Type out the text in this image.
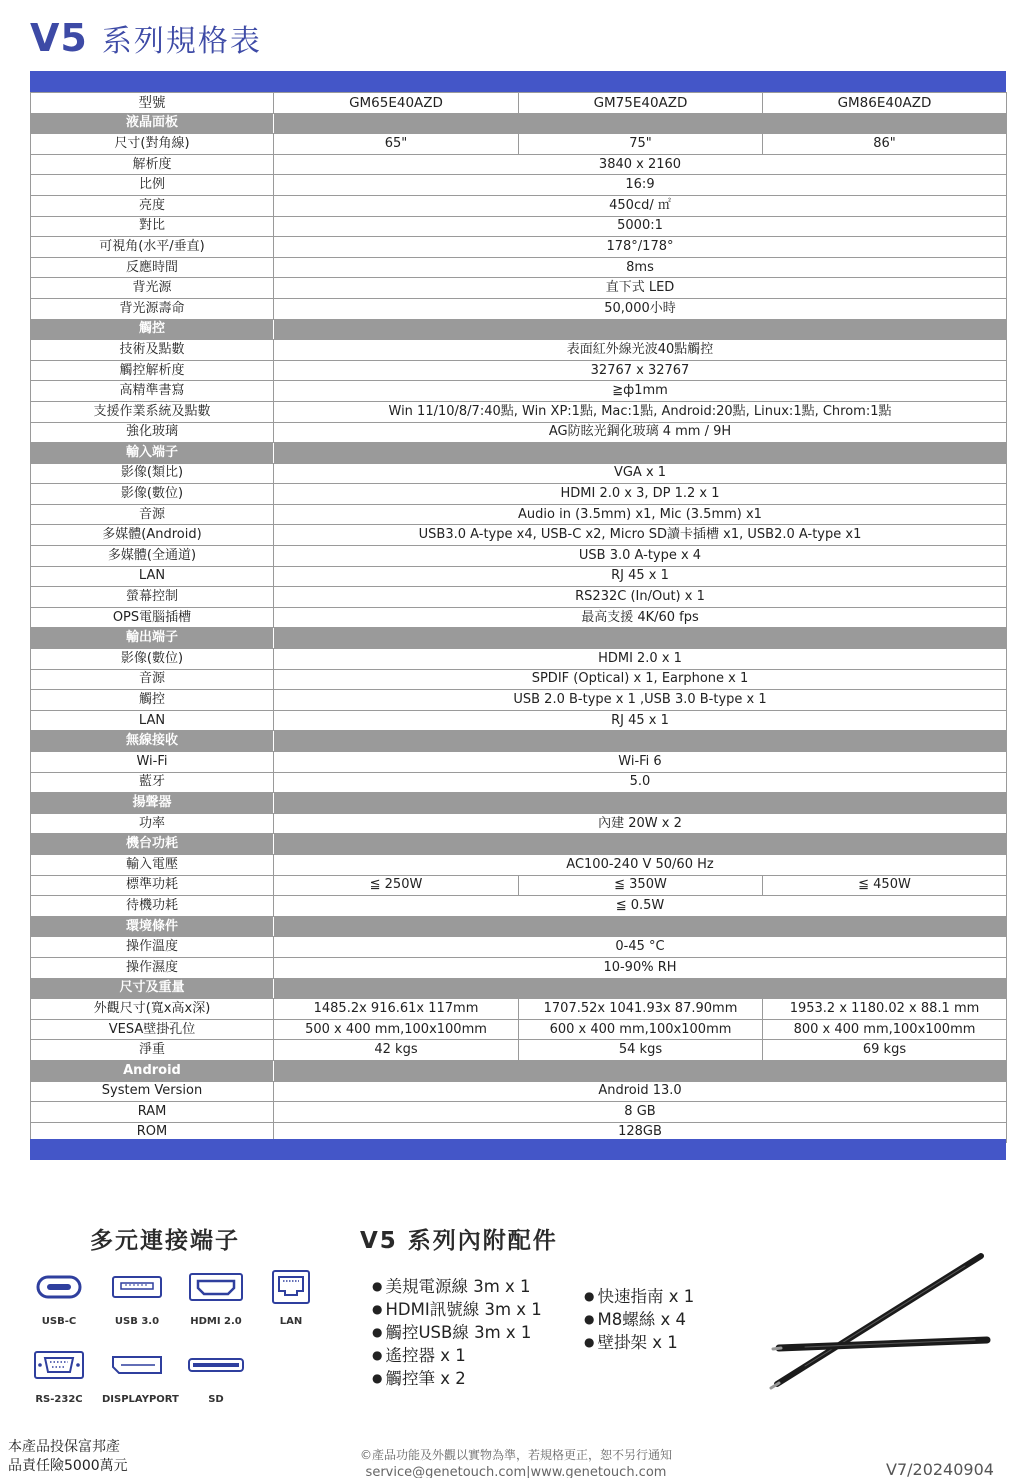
V5 系列規格表
型號	GM65E40AZD	GM75E40AZD	GM86E40AZD
液晶面板			
尺寸(對角線)	65"	75"	86"
解析度	3840 x 2160		
比例	16:9		
亮度	450cd/ ㎡		
對比	5000:1		
可視角(水平/垂直)	178°/178°		
反應時間	8ms		
背光源	直下式 LED		
背光源壽命	50,000小時		
觸控			
技術及點數	表面紅外線光波40點觸控		
觸控解析度	32767 x 32767		
高精準書寫	≧ф1mm		
支援作業系統及點數	Win 11/10/8/7:40點, Win XP:1點, Mac:1點, Android:20點, Linux:1點, Chrom:1點		
強化玻璃	AG防眩光鋼化玻璃 4 mm / 9H		
輸入端子			
影像(類比)	VGA x 1		
影像(數位)	HDMI 2.0 x 3, DP 1.2 x 1		
音源	Audio in (3.5mm) x1, Mic (3.5mm) x1		
多媒體(Android)	USB3.0 A-type x4, USB-C x2, Micro SD讀卡插槽 x1, USB2.0 A-type x1		
多媒體(全通道)	USB 3.0 A-type x 4		
LAN	RJ 45 x 1		
螢幕控制	RS232C (In/Out) x 1		
OPS電腦插槽	最高支援 4K/60 fps		
輸出端子			
影像(數位)	HDMI 2.0 x 1		
音源	SPDIF (Optical) x 1, Earphone x 1		
觸控	USB 2.0 B-type x 1 ,USB 3.0 B-type x 1		
LAN	RJ 45 x 1		
無線接收			
Wi-Fi	Wi-Fi 6		
藍牙	5.0		
揚聲器			
功率	內建 20W x 2		
機台功耗			
輸入電壓	AC100-240 V 50/60 Hz		
標準功耗	≦ 250W	≦ 350W	≦ 450W
待機功耗	≦ 0.5W		
環境條件			
操作溫度	0-45 °C		
操作濕度	10-90% RH		
尺寸及重量			
外觀尺寸(寬x高x深)	1485.2x 916.61x 117mm	1707.52x 1041.93x 87.90mm	1953.2 x 1180.02 x 88.1 mm
VESA壁掛孔位	500 x 400 mm,100x100mm	600 x 400 mm,100x100mm	800 x 400 mm,100x100mm
淨重	42 kgs	54 kgs	69 kgs
Android			
System Version	Android 13.0		
RAM	8 GB		
ROM	128GB		
多元連接端子	V5 系列內附配件
USB-C	USB 3.0	HDMI 2.0	LAN
RS-232C	DISPLAYPORT	SD
● 美規電源線 3m x 1
● HDMI訊號線 3m x 1
● 觸控USB線 3m x 1
● 遙控器 x 1
● 觸控筆 x 2
● 快速指南 x 1
● M8螺絲 x 4
● 壁掛架 x 1
本產品投保富邦產
品責任險5000萬元
©產品功能及外觀以實物為準，若規格更正，恕不另行通知
service@genetouch.com|www.genetouch.com	V7/20240904
